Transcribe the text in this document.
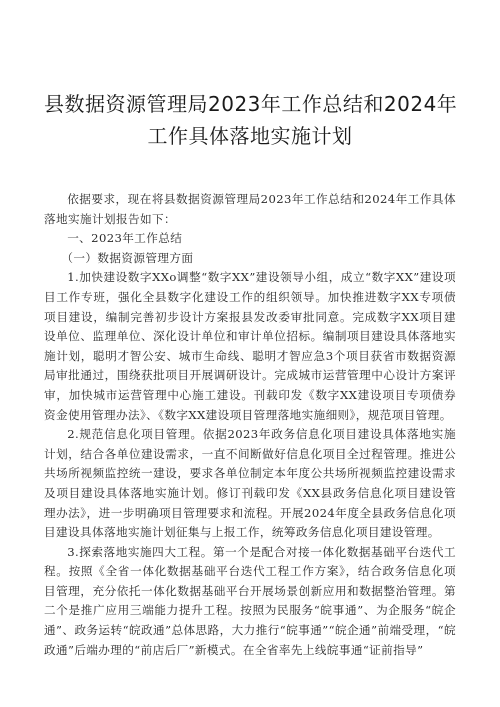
县数据资源管理局2023年工作总结和2024年
工作具体落地实施计划

依据要求，现在将县数据资源管理局2023年工作总结和2024年工作具体落地实施计划报告如下：

一、2023年工作总结

（一）数据资源管理方面

1.加快建设数字XXo调整“数字XX”建设领导小组，成立“数字XX”建设项目工作专班，强化全县数字化建设工作的组织领导。加快推进数字XX专项债项目建设，编制完善初步设计方案报县发改委审批同意。完成数字XX项目建设单位、监理单位、深化设计单位和审计单位招标。编制项目建设具体落地实施计划，聪明才智公安、城市生命线、聪明才智应急3个项目获省市数据资源局审批通过，围绕获批项目开展调研设计。完成城市运营管理中心设计方案评审，加快城市运营管理中心施工建设。刊载印发《数字XX建设项目专项债券资金使用管理办法》、《数字XX建设项目管理落地实施细则》，规范项目管理。

2.规范信息化项目管理。依据2023年政务信息化项目建设具体落地实施计划，结合各单位建设需求，一直不间断做好信息化项目全过程管理。推进公共场所视频监控统一建设，要求各单位制定本年度公共场所视频监控建设需求及项目建设具体落地实施计划。修订刊载印发《XX县政务信息化项目建设管理办法》，进一步明确项目管理要求和流程。开展2024年度全县政务信息化项目建设具体落地实施计划征集与上报工作，统筹政务信息化项目建设管理。

3.探索落地实施四大工程。第一个是配合对接一体化数据基础平台迭代工程。按照《全省一体化数据基础平台迭代工程工作方案》，结合政务信息化项目管理，充分依托一体化数据基础平台开展场景创新应用和数据整治管理。第二个是推广应用三端能力提升工程。按照为民服务“皖事通”、为企服务“皖企通”、政务运转“皖政通”总体思路，大力推行“皖事通”“皖企通”前端受理，“皖政通”后端办理的“前店后厂”新模式。在全省率先上线皖事通“证前指导”
